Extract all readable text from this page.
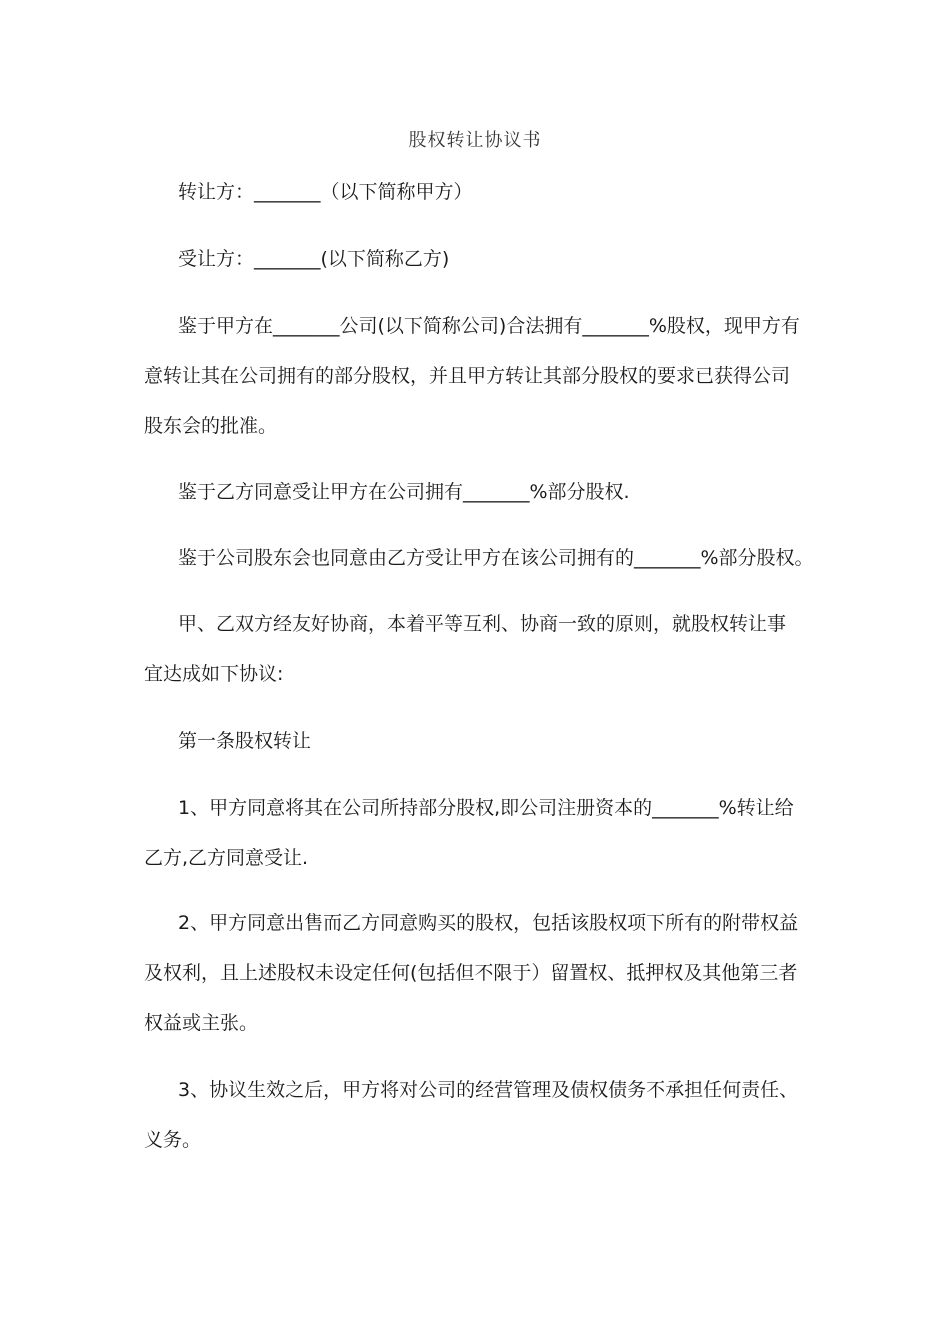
股权转让协议书
转让方：_______（以下简称甲方）
受让方：_______(以下简称乙方)
鉴于甲方在_______公司(以下简称公司)合法拥有_______%股权，现甲方有
意转让其在公司拥有的部分股权，并且甲方转让其部分股权的要求已获得公司
股东会的批准。
鉴于乙方同意受让甲方在公司拥有_______%部分股权.
鉴于公司股东会也同意由乙方受让甲方在该公司拥有的_______%部分股权。
甲、乙双方经友好协商，本着平等互利、协商一致的原则，就股权转让事
宜达成如下协议:
第一条股权转让
1、甲方同意将其在公司所持部分股权,即公司注册资本的_______%转让给
乙方,乙方同意受让.
2、甲方同意出售而乙方同意购买的股权，包括该股权项下所有的附带权益
及权利，且上述股权未设定任何(包括但不限于）留置权、抵押权及其他第三者
权益或主张。
3、协议生效之后，甲方将对公司的经营管理及债权债务不承担任何责任、
义务。
